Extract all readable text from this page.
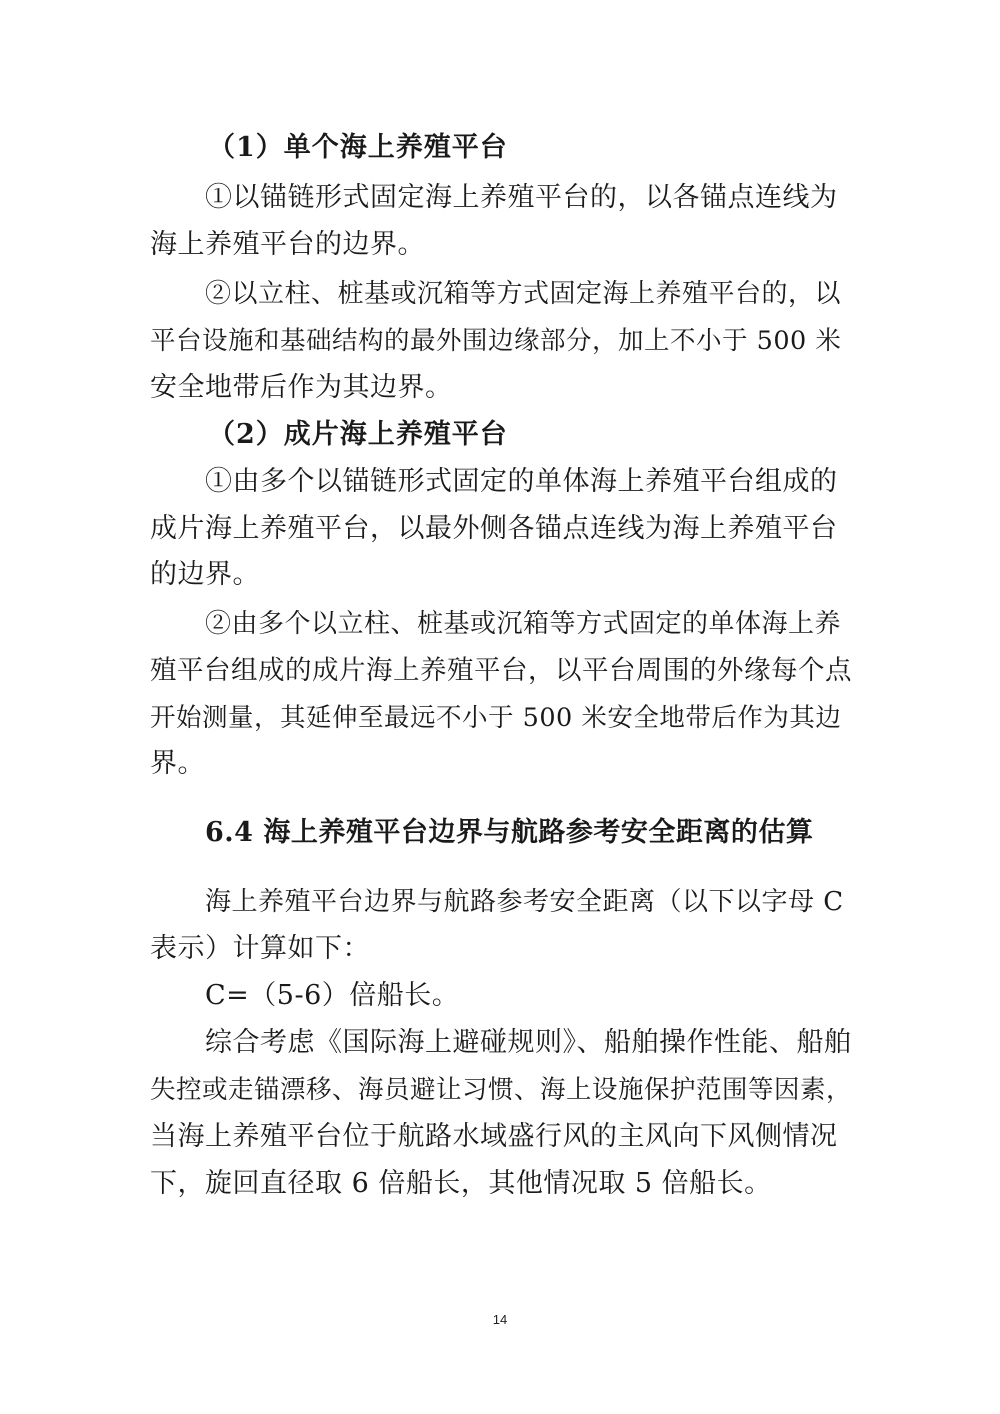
（1）单个海上养殖平台
①以锚链形式固定海上养殖平台的，以各锚点连线为
海上养殖平台的边界。
②以立柱、桩基或沉箱等方式固定海上养殖平台的，以
平台设施和基础结构的最外围边缘部分，加上不小于 500 米
安全地带后作为其边界。
（2）成片海上养殖平台
①由多个以锚链形式固定的单体海上养殖平台组成的
成片海上养殖平台，以最外侧各锚点连线为海上养殖平台
的边界。
②由多个以立柱、桩基或沉箱等方式固定的单体海上养
殖平台组成的成片海上养殖平台，以平台周围的外缘每个点
开始测量，其延伸至最远不小于 500 米安全地带后作为其边
界。
6.4 海上养殖平台边界与航路参考安全距离的估算
海上养殖平台边界与航路参考安全距离（以下以字母 C
表示）计算如下：
C=（5-6）倍船长。
综合考虑《国际海上避碰规则》、船舶操作性能、船舶
失控或走锚漂移、海员避让习惯、海上设施保护范围等因素，
当海上养殖平台位于航路水域盛行风的主风向下风侧情况
下，旋回直径取 6 倍船长，其他情况取 5 倍船长。
14
